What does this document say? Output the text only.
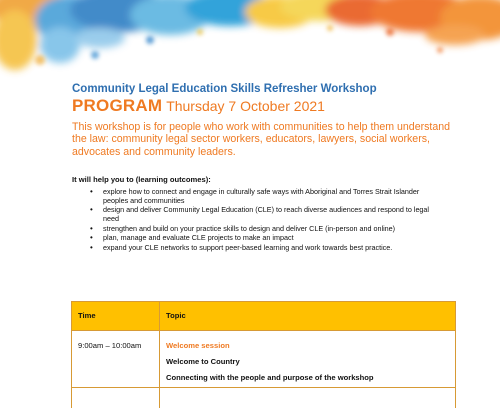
Community Legal Education Skills Refresher Workshop
PROGRAM Thursday 7 October 2021
This workshop is for people who work with communities to help them understand the law: community legal sector workers, educators, lawyers, social workers, advocates and community leaders.
It will help you to (learning outcomes):
• explore how to connect and engage in culturally safe ways with Aboriginal and Torres Strait Islander peoples and communities
• design and deliver Community Legal Education (CLE) to reach diverse audiences and respond to legal need
• strengthen and build on your practice skills to design and deliver CLE (in-person and online)
• plan, manage and evaluate CLE projects to make an impact
• expand your CLE networks to support peer-based learning and work towards best practice.
Time	Topic
9:00am – 10:00am	Welcome session
Welcome to Country
Connecting with the people and purpose of the workshop
